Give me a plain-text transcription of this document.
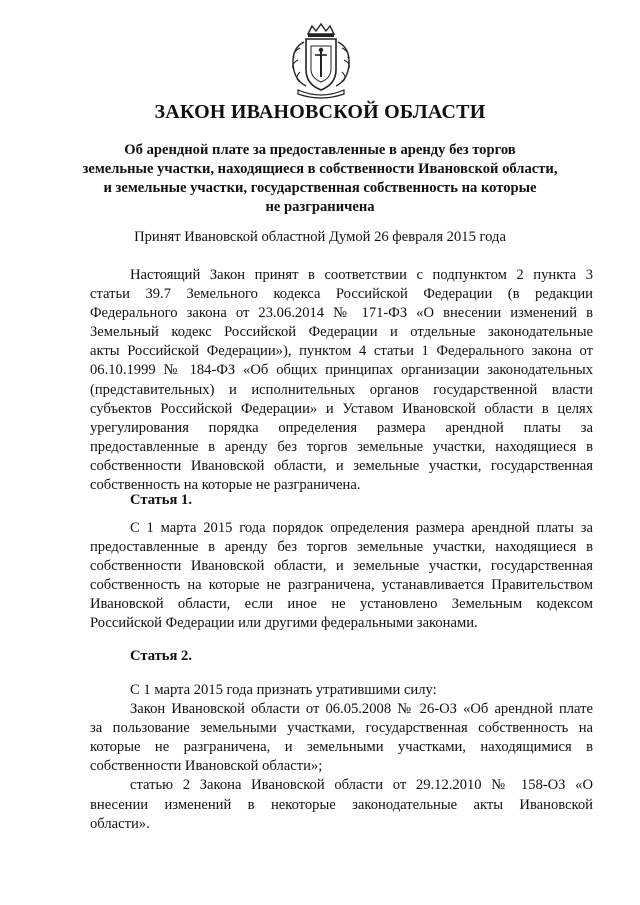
ЗАКОН ИВАНОВСКОЙ ОБЛАСТИ
Об арендной плате за предоставленные в аренду без торгов
земельные участки, находящиеся в собственности Ивановской области,
и земельные участки, государственная собственность на которые
не разграничена
Принят Ивановской областной Думой 26 февраля 2015 года
Настоящий Закон принят в соответствии с подпунктом 2 пункта 3
статьи 39.7 Земельного кодекса Российской Федерации (в редакции
Федерального закона от 23.06.2014 № 171-ФЗ «О внесении изменений в
Земельный кодекс Российской Федерации и отдельные законодательные
акты Российской Федерации»), пунктом 4 статьи 1 Федерального закона от
06.10.1999 № 184-ФЗ «Об общих принципах организации законодательных
(представительных) и исполнительных органов государственной власти
субъектов Российской Федерации» и Уставом Ивановской области в целях
урегулирования порядка определения размера арендной платы за
предоставленные в аренду без торгов земельные участки, находящиеся в
собственности Ивановской области, и земельные участки, государственная
собственность на которые не разграничена.
Статья 1.
С 1 марта 2015 года порядок определения размера арендной платы за
предоставленные в аренду без торгов земельные участки, находящиеся в
собственности Ивановской области, и земельные участки, государственная
собственность на которые не разграничена, устанавливается Правительством
Ивановской области, если иное не установлено Земельным кодексом
Российской Федерации или другими федеральными законами.
Статья 2.
С 1 марта 2015 года признать утратившими силу:
Закон Ивановской области от 06.05.2008 № 26-ОЗ «Об арендной плате
за пользование земельными участками, государственная собственность на
которые не разграничена, и земельными участками, находящимися в
собственности Ивановской области»;
статью 2 Закона Ивановской области от 29.12.2010 № 158-ОЗ «О
внесении изменений в некоторые законодательные акты Ивановской
области».
